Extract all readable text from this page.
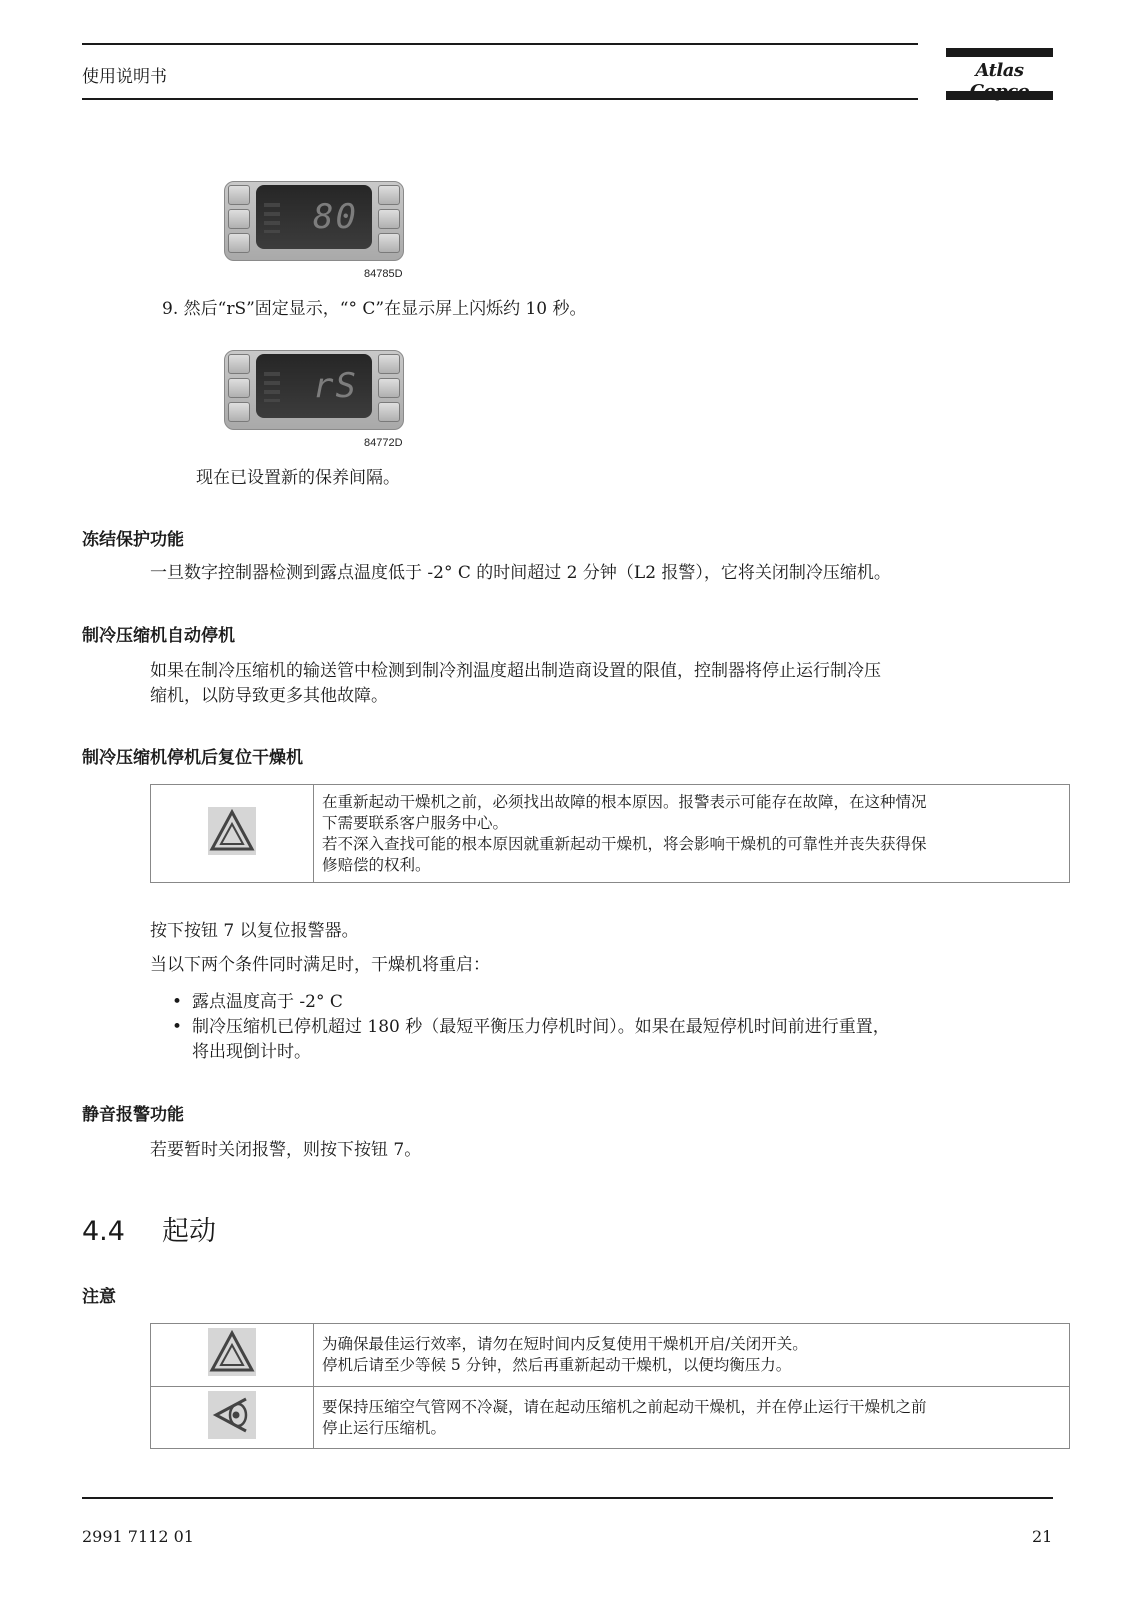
使用说明书	Atlas
80
84785D
9. 然后“rS”固定显示，“° C”在显示屏上闪烁约 10 秒。
rS
84772D
现在已设置新的保养间隔。
冻结保护功能
一旦数字控制器检测到露点温度低于 -2° C 的时间超过 2 分钟（L2 报警），它将关闭制冷压缩机。
制冷压缩机自动停机
如果在制冷压缩机的输送管中检测到制冷剂温度超出制造商设置的限值，控制器将停止运行制冷压
缩机，以防导致更多其他故障。
制冷压缩机停机后复位干燥机

在重新起动干燥机之前，必须找出故障的根本原因。报警表示可能存在故障，在这种情况
下需要联系客户服务中心。
若不深入查找可能的根本原因就重新起动干燥机，将会影响干燥机的可靠性并丧失获得保
修赔偿的权利。
按下按钮 7 以复位报警器。
当以下两个条件同时满足时，干燥机将重启：
• 露点温度高于 -2° C
• 制冷压缩机已停机超过 180 秒（最短平衡压力停机时间）。如果在最短停机时间前进行重置，
将出现倒计时。
静音报警功能
若要暂时关闭报警，则按下按钮 7。
4.4 起动
注意

为确保最佳运行效率，请勿在短时间内反复使用干燥机开启/关闭开关。
停机后请至少等候 5 分钟，然后再重新起动干燥机，以便均衡压力。

要保持压缩空气管网不冷凝，请在起动压缩机之前起动干燥机，并在停止运行干燥机之前
停止运行压缩机。
2991 7112 01	21
